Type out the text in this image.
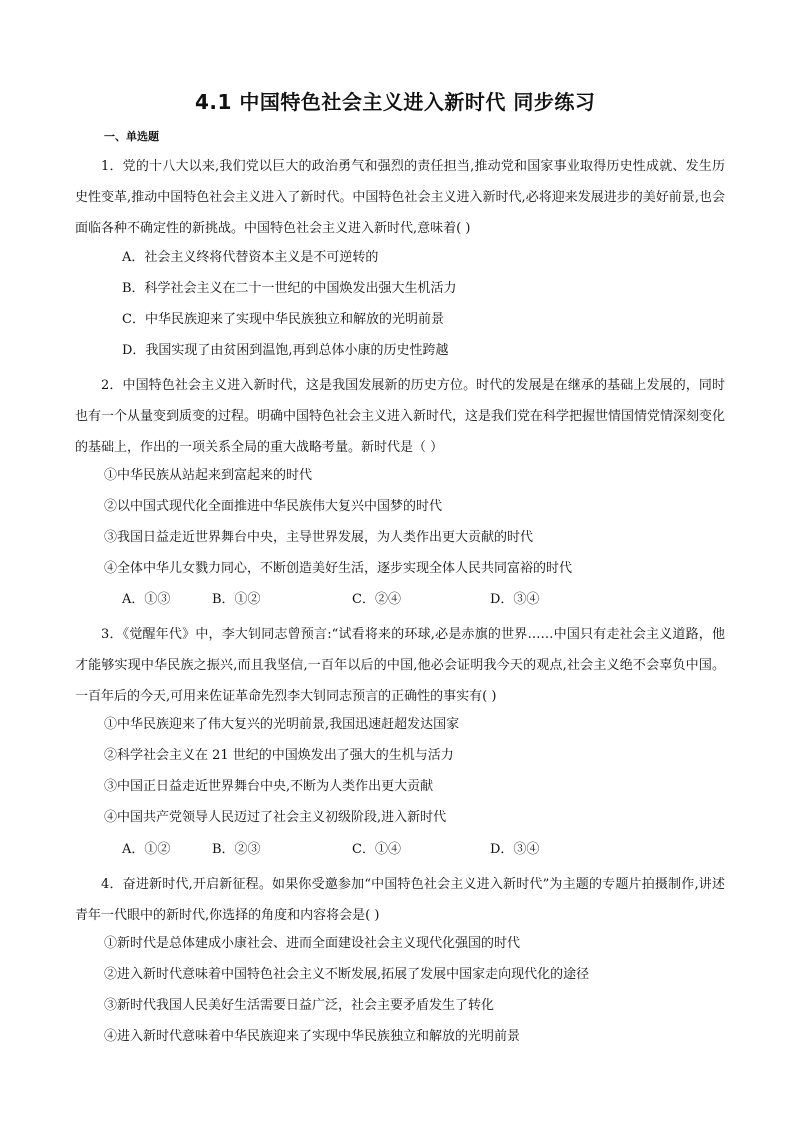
4.1 中国特色社会主义进入新时代 同步练习
一、单选题
1．党的十八大以来,我们党以巨大的政治勇气和强烈的责任担当,推动党和国家事业取得历史性成就、发生历史性变革,推动中国特色社会主义进入了新时代。中国特色社会主义进入新时代,必将迎来发展进步的美好前景,也会面临各种不确定性的新挑战。中国特色社会主义进入新时代,意味着( )
A．社会主义终将代替资本主义是不可逆转的
B．科学社会主义在二十一世纪的中国焕发出强大生机活力
C．中华民族迎来了实现中华民族独立和解放的光明前景
D．我国实现了由贫困到温饱,再到总体小康的历史性跨越
2．中国特色社会主义进入新时代，这是我国发展新的历史方位。时代的发展是在继承的基础上发展的，同时也有一个从量变到质变的过程。明确中国特色社会主义进入新时代，这是我们党在科学把握世情国情党情深刻变化的基础上，作出的一项关系全局的重大战略考量。新时代是（ ）
①中华民族从站起来到富起来的时代
②以中国式现代化全面推进中华民族伟大复兴中国梦的时代
③我国日益走近世界舞台中央，主导世界发展，为人类作出更大贡献的时代
④全体中华儿女戮力同心，不断创造美好生活，逐步实现全体人民共同富裕的时代
A．①③	B．①②	C．②④	D．③④
3．《觉醒年代》中，李大钊同志曾预言:“试看将来的环球,必是赤旗的世界……中国只有走社会主义道路，他才能够实现中华民族之振兴,而且我坚信,一百年以后的中国,他必会证明我今天的观点,社会主义绝不会辜负中国。一百年后的今天,可用来佐证革命先烈李大钊同志预言的正确性的事实有( )
①中华民族迎来了伟大复兴的光明前景,我国迅速赶超发达国家
②科学社会主义在 21 世纪的中国焕发出了强大的生机与活力
③中国正日益走近世界舞台中央,不断为人类作出更大贡献
④中国共产党领导人民迈过了社会主义初级阶段,进入新时代
A．①②	B．②③	C．①④	D．③④
4．奋进新时代,开启新征程。如果你受邀参加“中国特色社会主义进入新时代”为主题的专题片拍摄制作,讲述青年一代眼中的新时代,你选择的角度和内容将会是( )
①新时代是总体建成小康社会、进而全面建设社会主义现代化强国的时代
②进入新时代意味着中国特色社会主义不断发展,拓展了发展中国家走向现代化的途径
③新时代我国人民美好生活需要日益广泛，社会主要矛盾发生了转化
④进入新时代意味着中华民族迎来了实现中华民族独立和解放的光明前景
